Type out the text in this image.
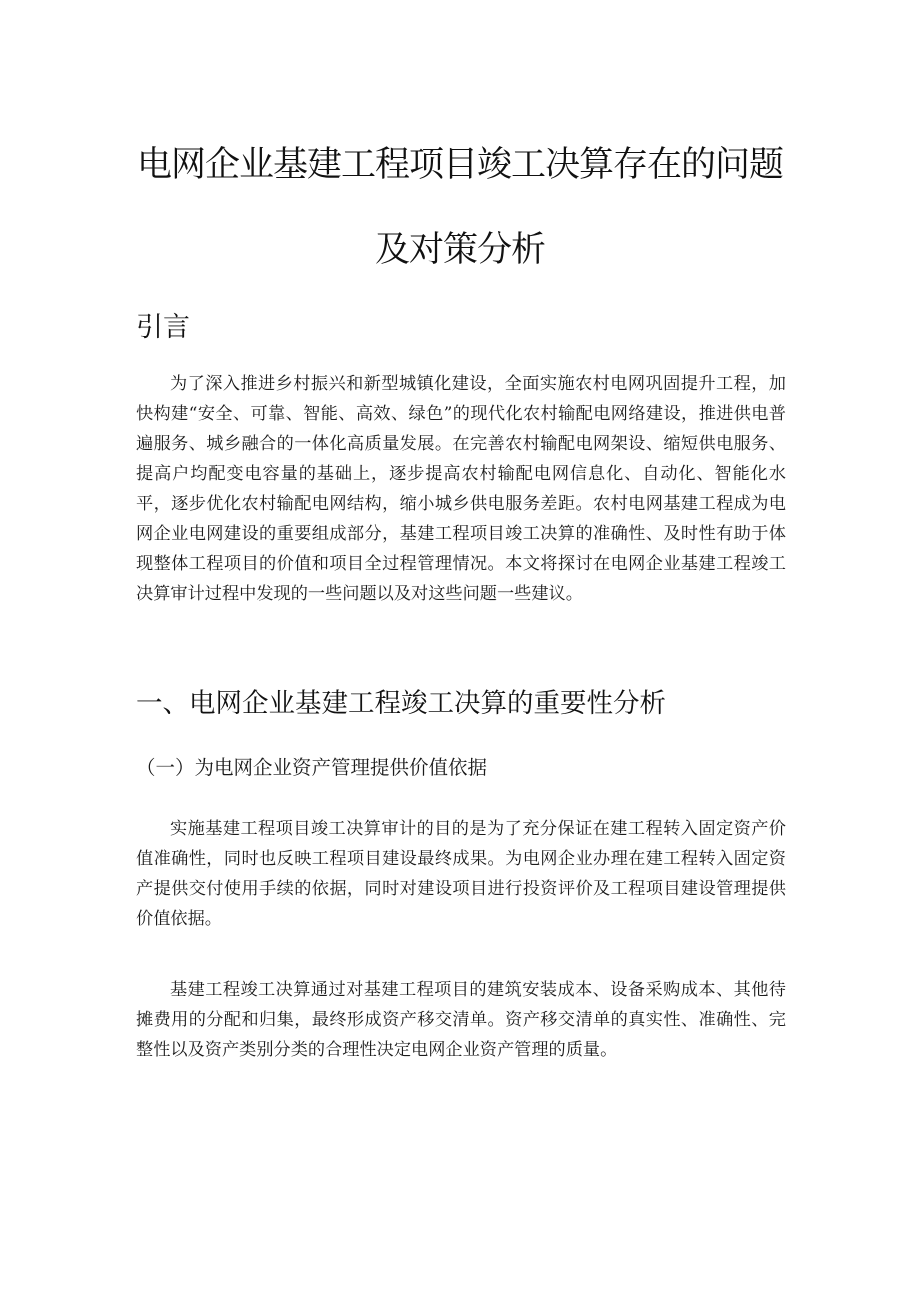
电网企业基建工程项目竣工决算存在的问题
及对策分析
引言

为了深入推进乡村振兴和新型城镇化建设，全面实施农村电网巩固提升工程，加快构建“安全、可靠、智能、高效、绿色”的现代化农村输配电网络建设，推进供电普遍服务、城乡融合的一体化高质量发展。在完善农村输配电网架设、缩短供电服务、提高户均配变电容量的基础上，逐步提高农村输配电网信息化、自动化、智能化水平，逐步优化农村输配电网结构，缩小城乡供电服务差距。农村电网基建工程成为电网企业电网建设的重要组成部分，基建工程项目竣工决算的准确性、及时性有助于体现整体工程项目的价值和项目全过程管理情况。本文将探讨在电网企业基建工程竣工决算审计过程中发现的一些问题以及对这些问题一些建议。

一、电网企业基建工程竣工决算的重要性分析
（一）为电网企业资产管理提供价值依据

实施基建工程项目竣工决算审计的目的是为了充分保证在建工程转入固定资产价值准确性，同时也反映工程项目建设最终成果。为电网企业办理在建工程转入固定资产提供交付使用手续的依据，同时对建设项目进行投资评价及工程项目建设管理提供价值依据。

基建工程竣工决算通过对基建工程项目的建筑安装成本、设备采购成本、其他待摊费用的分配和归集，最终形成资产移交清单。资产移交清单的真实性、准确性、完整性以及资产类别分类的合理性决定电网企业资产管理的质量。
